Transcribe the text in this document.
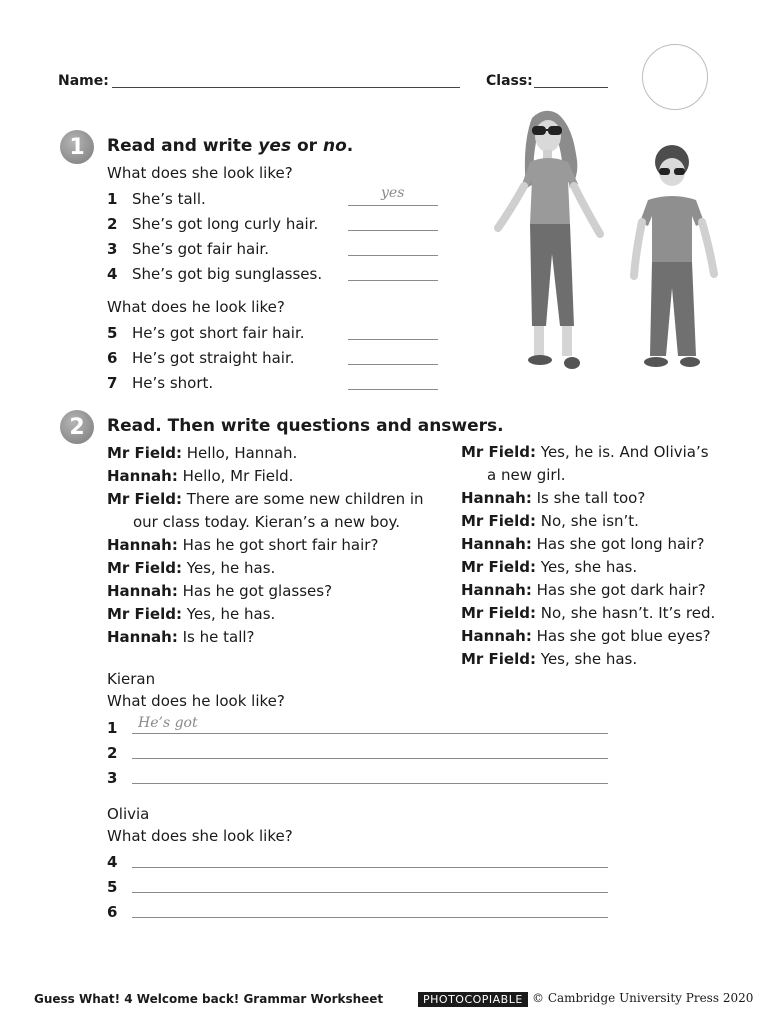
Name:	Class:
1	Read and write yes or no.
What does she look like?
1 She’s tall.	yes
2 She’s got long curly hair.
3 She’s got fair hair.
4 She’s got big sunglasses.
What does he look like?
5 He’s got short fair hair.
6 He’s got straight hair.
7 He’s short.
2	Read. Then write questions and answers.
Mr Field: Hello, Hannah.
Hannah: Hello, Mr Field.
Mr Field: There are some new children in
our class today. Kieran’s a new boy.
Hannah: Has he got short fair hair?
Mr Field: Yes, he has.
Hannah: Has he got glasses?
Mr Field: Yes, he has.
Hannah: Is he tall?
Mr Field: Yes, he is. And Olivia’s
a new girl.
Hannah: Is she tall too?
Mr Field: No, she isn’t.
Hannah: Has she got long hair?
Mr Field: Yes, she has.
Hannah: Has she got dark hair?
Mr Field: No, she hasn’t. It’s red.
Hannah: Has she got blue eyes?
Mr Field: Yes, she has.
Kieran
What does he look like?
1 He’s got
2
3
Olivia
What does she look like?
4
5
6
Guess What! 4 Welcome back! Grammar Worksheet	PHOTOCOPIABLE © Cambridge University Press 2020
